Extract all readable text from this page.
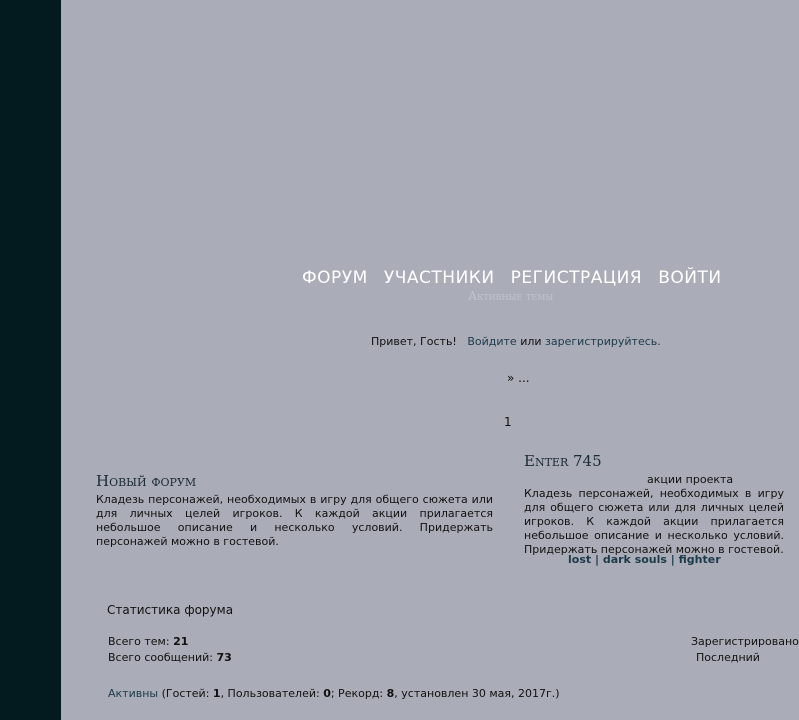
ФОРУМ УЧАСТНИКИ РЕГИСТРАЦИЯ ВОЙТИ
Активные темы
Привет, Гость! Войдите или зарегистрируйтесь.
» ...
1
Новый форум
Кладезь персонажей, необходимых в игру для общего сюжета или для личных целей игроков. К каждой акции прилагается небольшое описание и несколько условий. Придержать персонажей можно в гостевой.
Enter 745
акции проекта
Кладезь персонажей, необходимых в игру для общего сюжета или для личных целей игроков. К каждой акции прилагается небольшое описание и несколько условий. Придержать персонажей можно в гостевой.
lost | dark souls | fighter
Статистика форума
Всего тем: 21
Всего сообщений: 73
Зарегистрировано
Последний
Активны (Гостей: 1, Пользователей: 0; Рекорд: 8, установлен 30 мая, 2017г.)
